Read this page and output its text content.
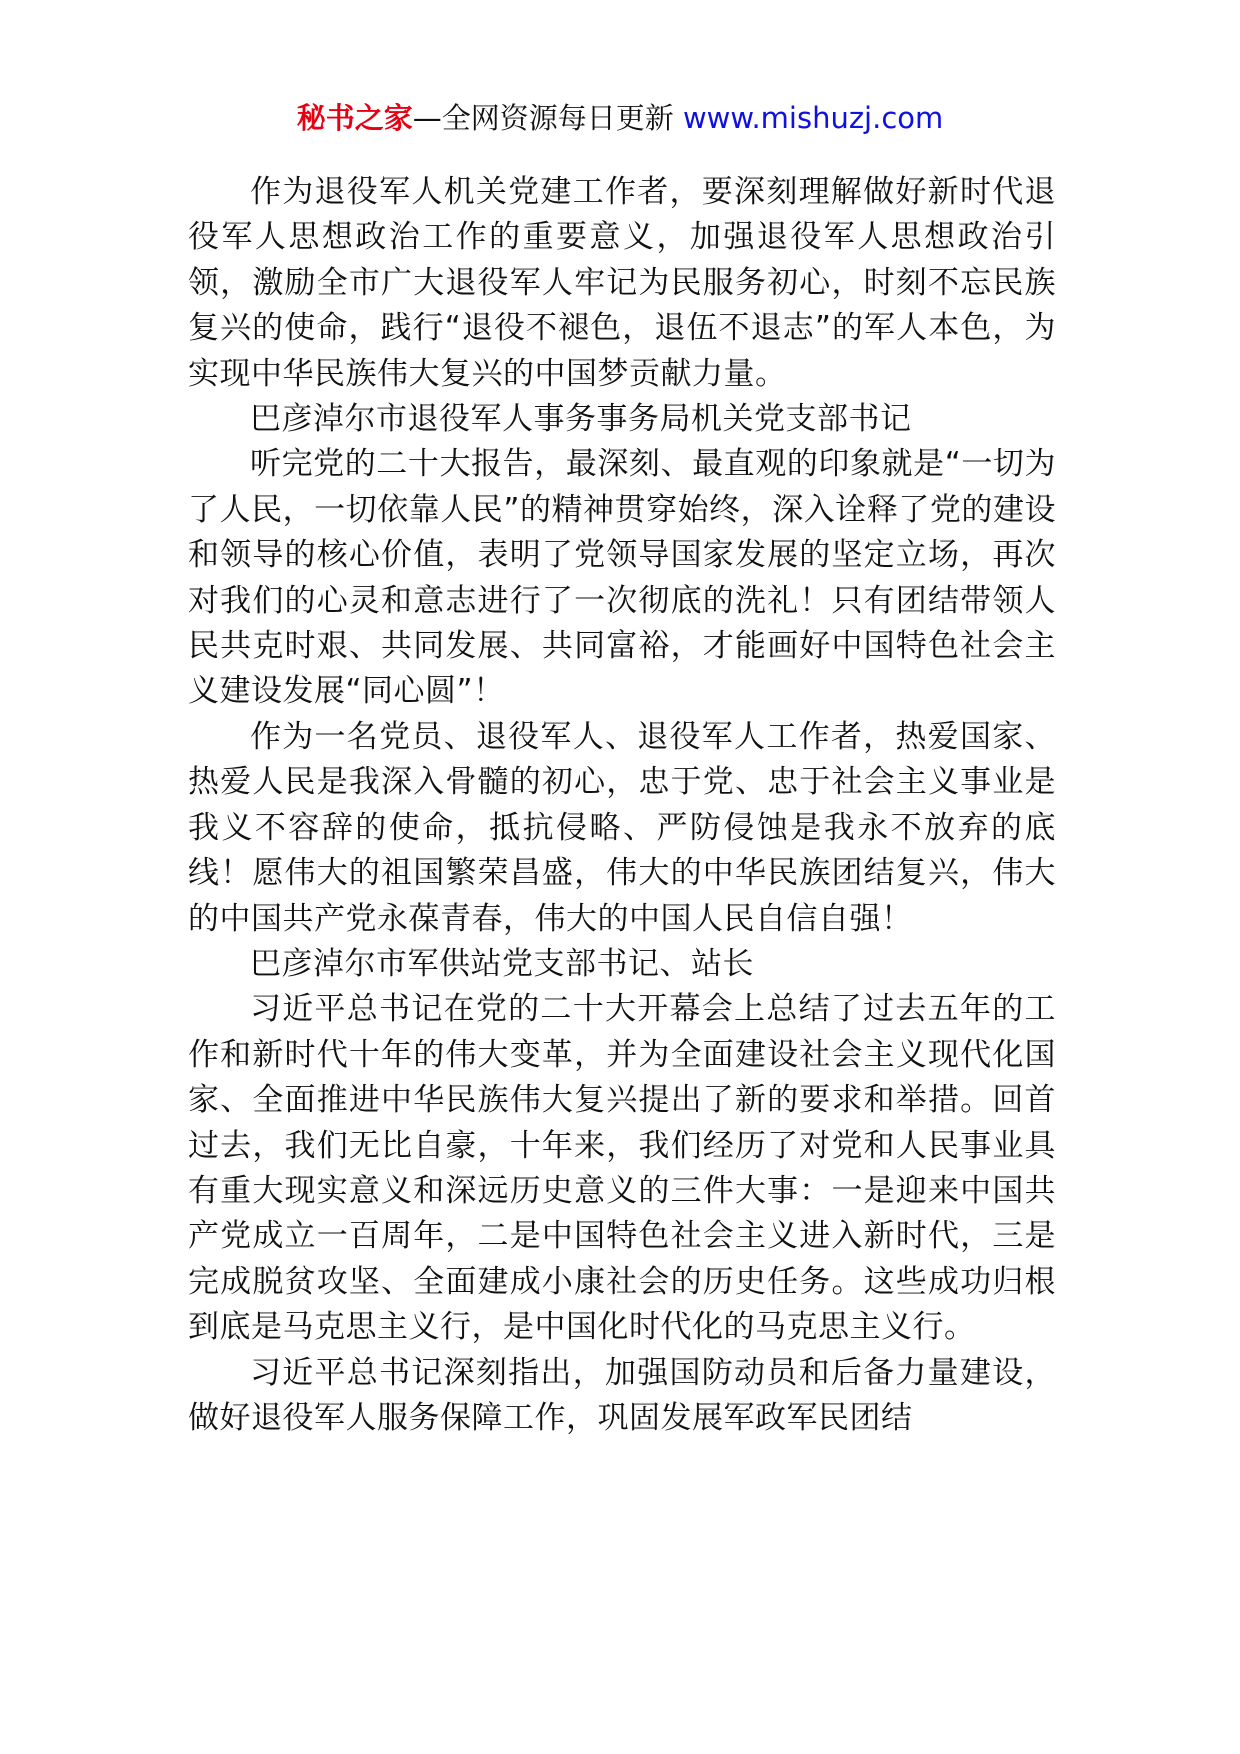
秘书之家—全网资源每日更新 www.mishuzj.com

作为退役军人机关党建工作者，要深刻理解做好新时代退役军人思想政治工作的重要意义，加强退役军人思想政治引领，激励全市广大退役军人牢记为民服务初心，时刻不忘民族复兴的使命，践行“退役不褪色，退伍不退志”的军人本色，为实现中华民族伟大复兴的中国梦贡献力量。

巴彦淖尔市退役军人事务事务局机关党支部书记

听完党的二十大报告，最深刻、最直观的印象就是“一切为了人民，一切依靠人民”的精神贯穿始终，深入诠释了党的建设和领导的核心价值，表明了党领导国家发展的坚定立场，再次对我们的心灵和意志进行了一次彻底的洗礼！只有团结带领人民共克时艰、共同发展、共同富裕，才能画好中国特色社会主义建设发展“同心圆”！

作为一名党员、退役军人、退役军人工作者，热爱国家、热爱人民是我深入骨髓的初心，忠于党、忠于社会主义事业是我义不容辞的使命，抵抗侵略、严防侵蚀是我永不放弃的底线！愿伟大的祖国繁荣昌盛，伟大的中华民族团结复兴，伟大的中国共产党永葆青春，伟大的中国人民自信自强！

巴彦淖尔市军供站党支部书记、站长

习近平总书记在党的二十大开幕会上总结了过去五年的工作和新时代十年的伟大变革，并为全面建设社会主义现代化国家、全面推进中华民族伟大复兴提出了新的要求和举措。回首过去，我们无比自豪，十年来，我们经历了对党和人民事业具有重大现实意义和深远历史意义的三件大事：一是迎来中国共产党成立一百周年，二是中国特色社会主义进入新时代，三是完成脱贫攻坚、全面建成小康社会的历史任务。这些成功归根到底是马克思主义行，是中国化时代化的马克思主义行。

习近平总书记深刻指出，加强国防动员和后备力量建设，做好退役军人服务保障工作，巩固发展军政军民团结
